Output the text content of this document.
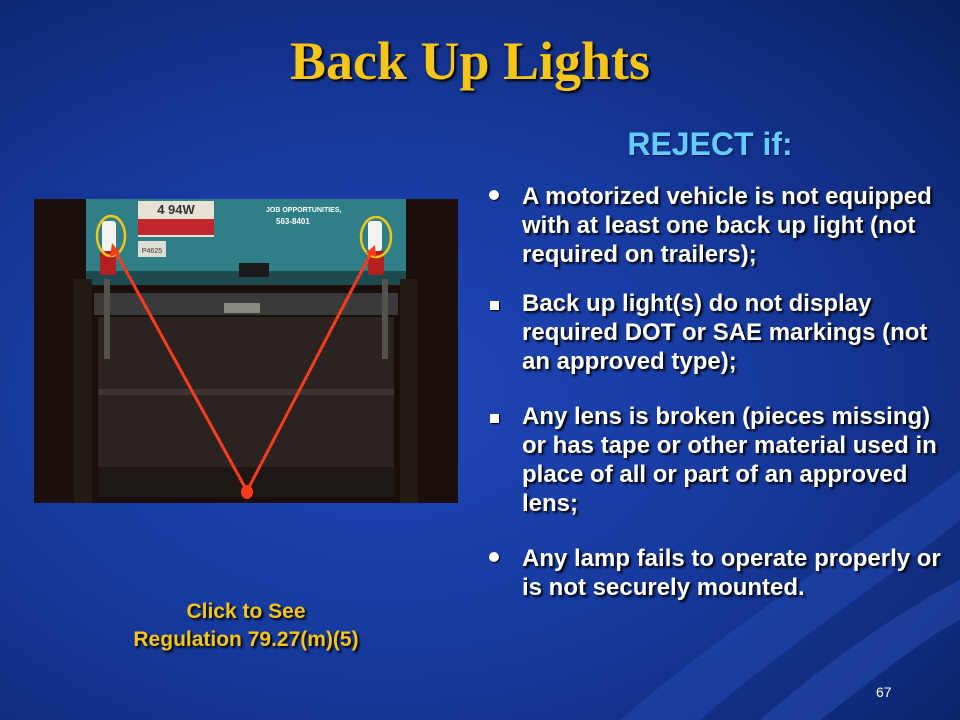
Back Up Lights
REJECT if:
4 94W	JOB OPPORTUNITIES,
563-8401
P4625
A motorized vehicle is not equipped with at least one back up light (not required on trailers);
Back up light(s) do not display required DOT or SAE markings (not an approved type);
Any lens is broken (pieces missing) or has tape or other material used in place of all or part of an approved lens;
Any lamp fails to operate properly or is not securely mounted.
Click to See
Regulation 79.27(m)(5)
67
